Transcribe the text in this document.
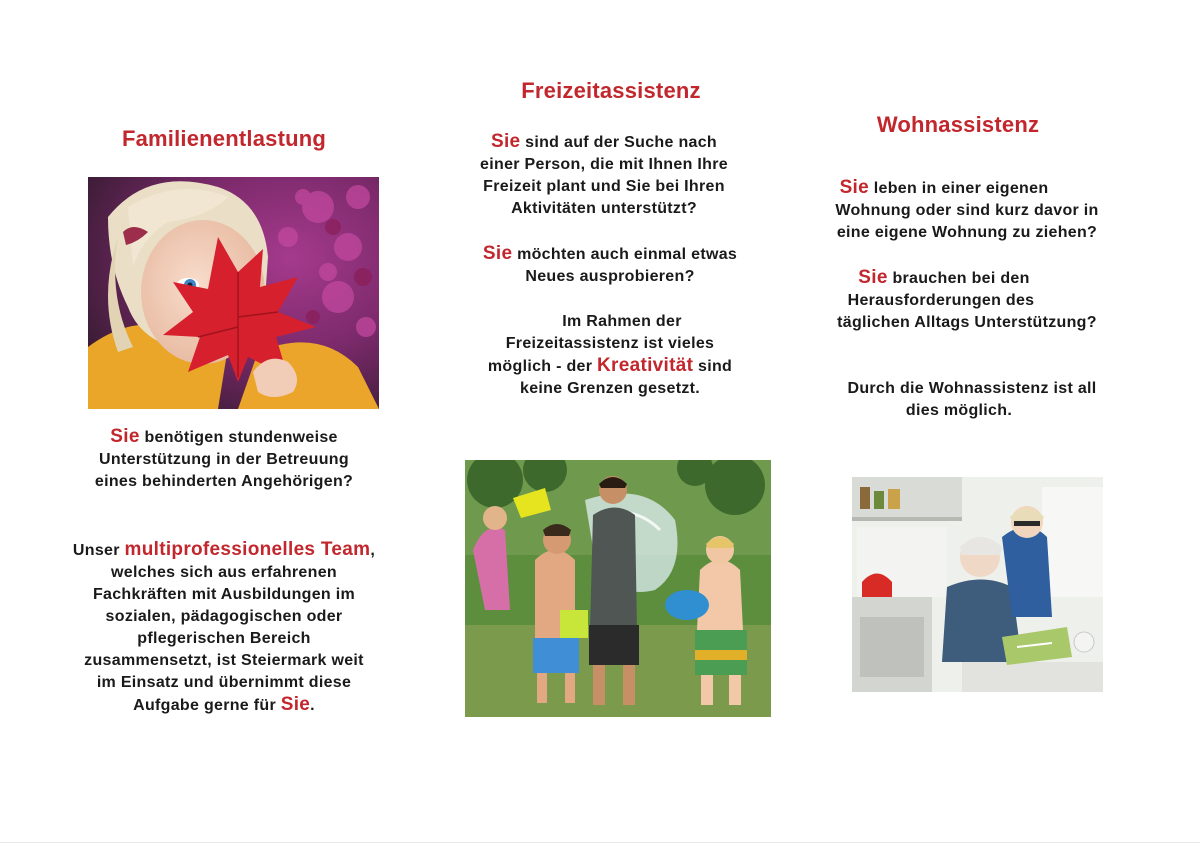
Familienentlastung
Sie benötigen stundenweise
Unterstützung in der Betreuung
eines behinderten Angehörigen?
Unser multiprofessionelles Team,
welches sich aus erfahrenen
Fachkräften mit Ausbildungen im
sozialen, pädagogischen oder
pflegerischen Bereich
zusammensetzt, ist Steiermark weit
im Einsatz und übernimmt diese
Aufgabe gerne für Sie.
Freizeitassistenz
Sie sind auf der Suche nach
einer Person, die mit Ihnen Ihre
Freizeit plant und Sie bei Ihren
Aktivitäten unterstützt?
Sie möchten auch einmal etwas
Neues ausprobieren?
Im Rahmen der
Freizeitassistenz ist vieles
möglich - der Kreativität sind
keine Grenzen gesetzt.
Wohnassistenz
Sie leben in einer eigenen
Wohnung oder sind kurz davor in
eine eigene Wohnung zu ziehen?
Sie brauchen bei den
Herausforderungen des
täglichen Alltags Unterstützung?
Durch die Wohnassistenz ist all
dies möglich.
